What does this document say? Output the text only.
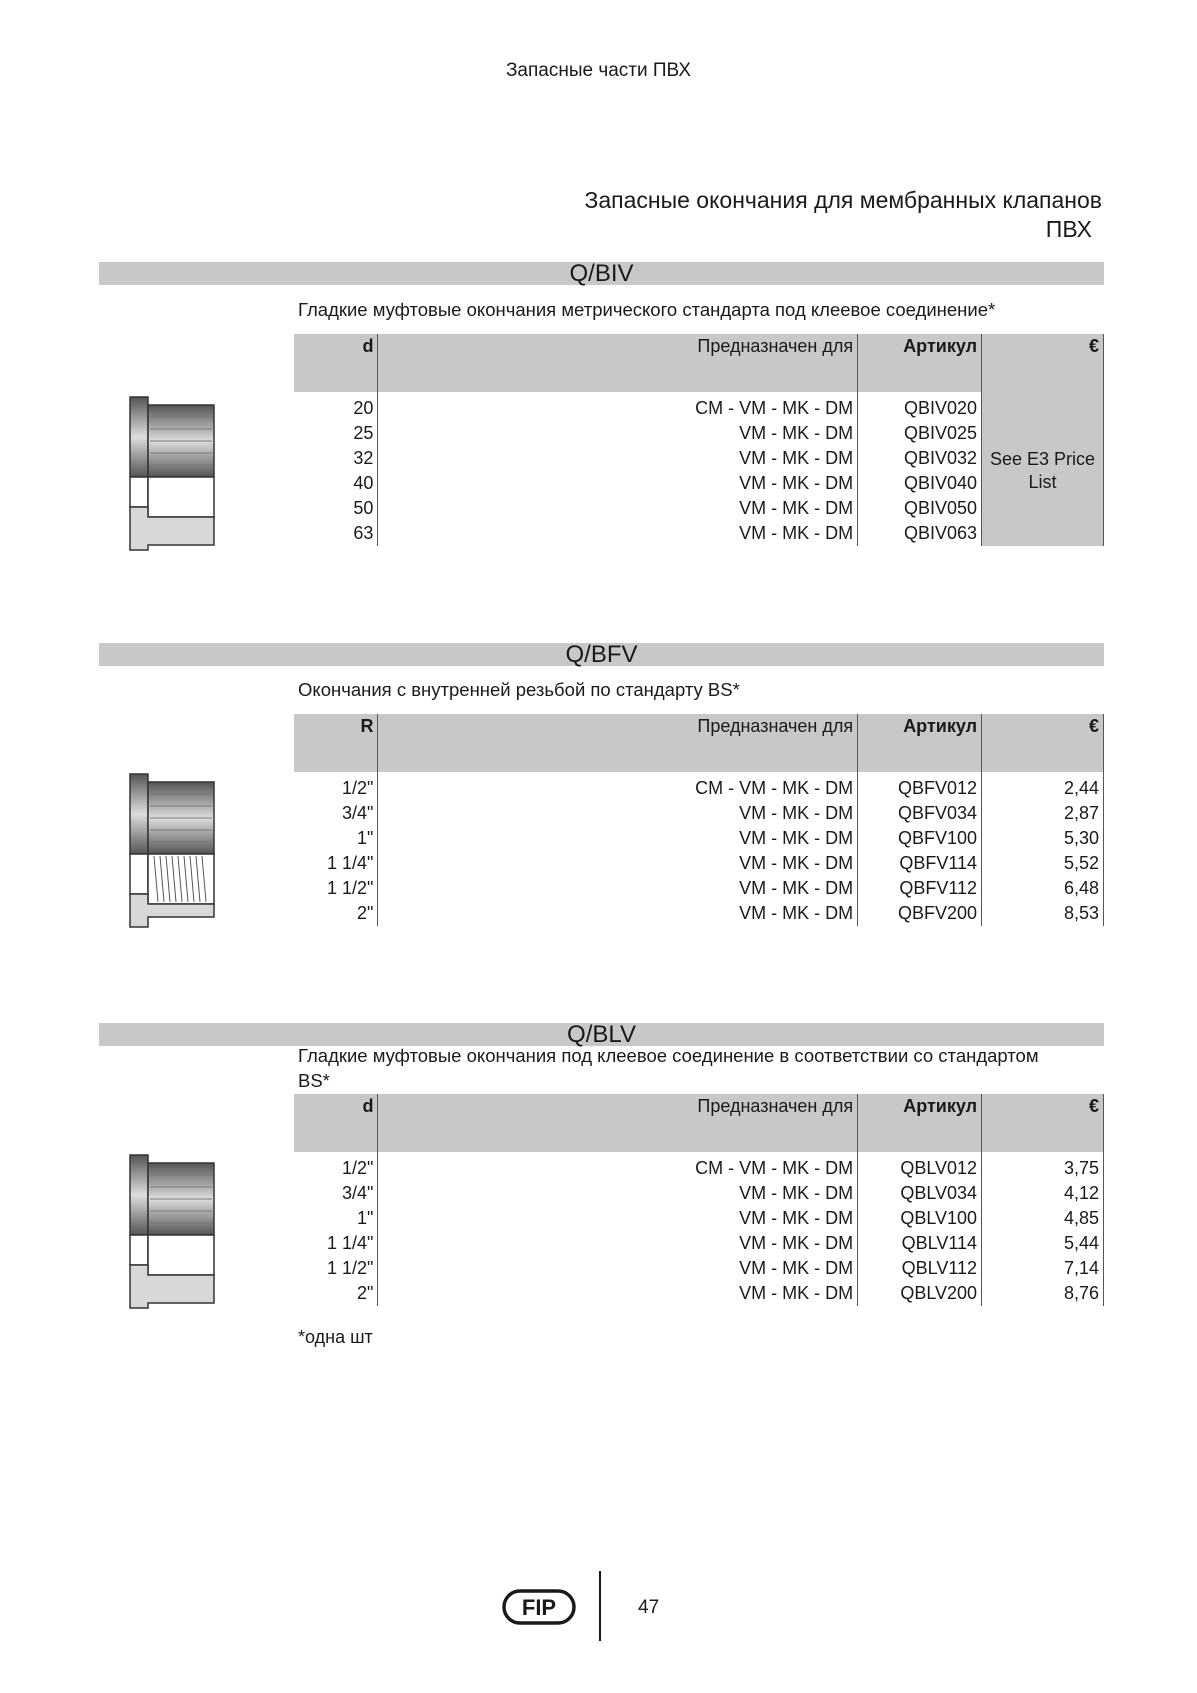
Запасные части ПВХ
Запасные окончания для мембранных клапанов
ПВХ
Q/BIV
Гладкие муфтовые окончания метрического стандарта под клеевое соединение*
d	Предназначен для	Артикул	€

20	CM - VM - MK - DM	QBIV020	See E3 Price List
25	VM - MK - DM	QBIV025	
32	VM - MK - DM	QBIV032	
40	VM - MK - DM	QBIV040	
50	VM - MK - DM	QBIV050	
63	VM - MK - DM	QBIV063	
Q/BFV
Окончания с внутренней резьбой по стандарту BS*
R	Предназначен для	Артикул	€

1/2"	CM - VM - MK - DM	QBFV012	2,44
3/4"	VM - MK - DM	QBFV034	2,87
1"	VM - MK - DM	QBFV100	5,30
1 1/4"	VM - MK - DM	QBFV114	5,52
1 1/2"	VM - MK - DM	QBFV112	6,48
2"	VM - MK - DM	QBFV200	8,53
Q/BLV
Гладкие муфтовые окончания под клеевое соединение в соответствии со стандартом BS*
d	Предназначен для	Артикул	€

1/2"	CM - VM - MK - DM	QBLV012	3,75
3/4"	VM - MK - DM	QBLV034	4,12
1"	VM - MK - DM	QBLV100	4,85
1 1/4"	VM - MK - DM	QBLV114	5,44
1 1/2"	VM - MK - DM	QBLV112	7,14
2"	VM - MK - DM	QBLV200	8,76
*одна шт
FIP	47
